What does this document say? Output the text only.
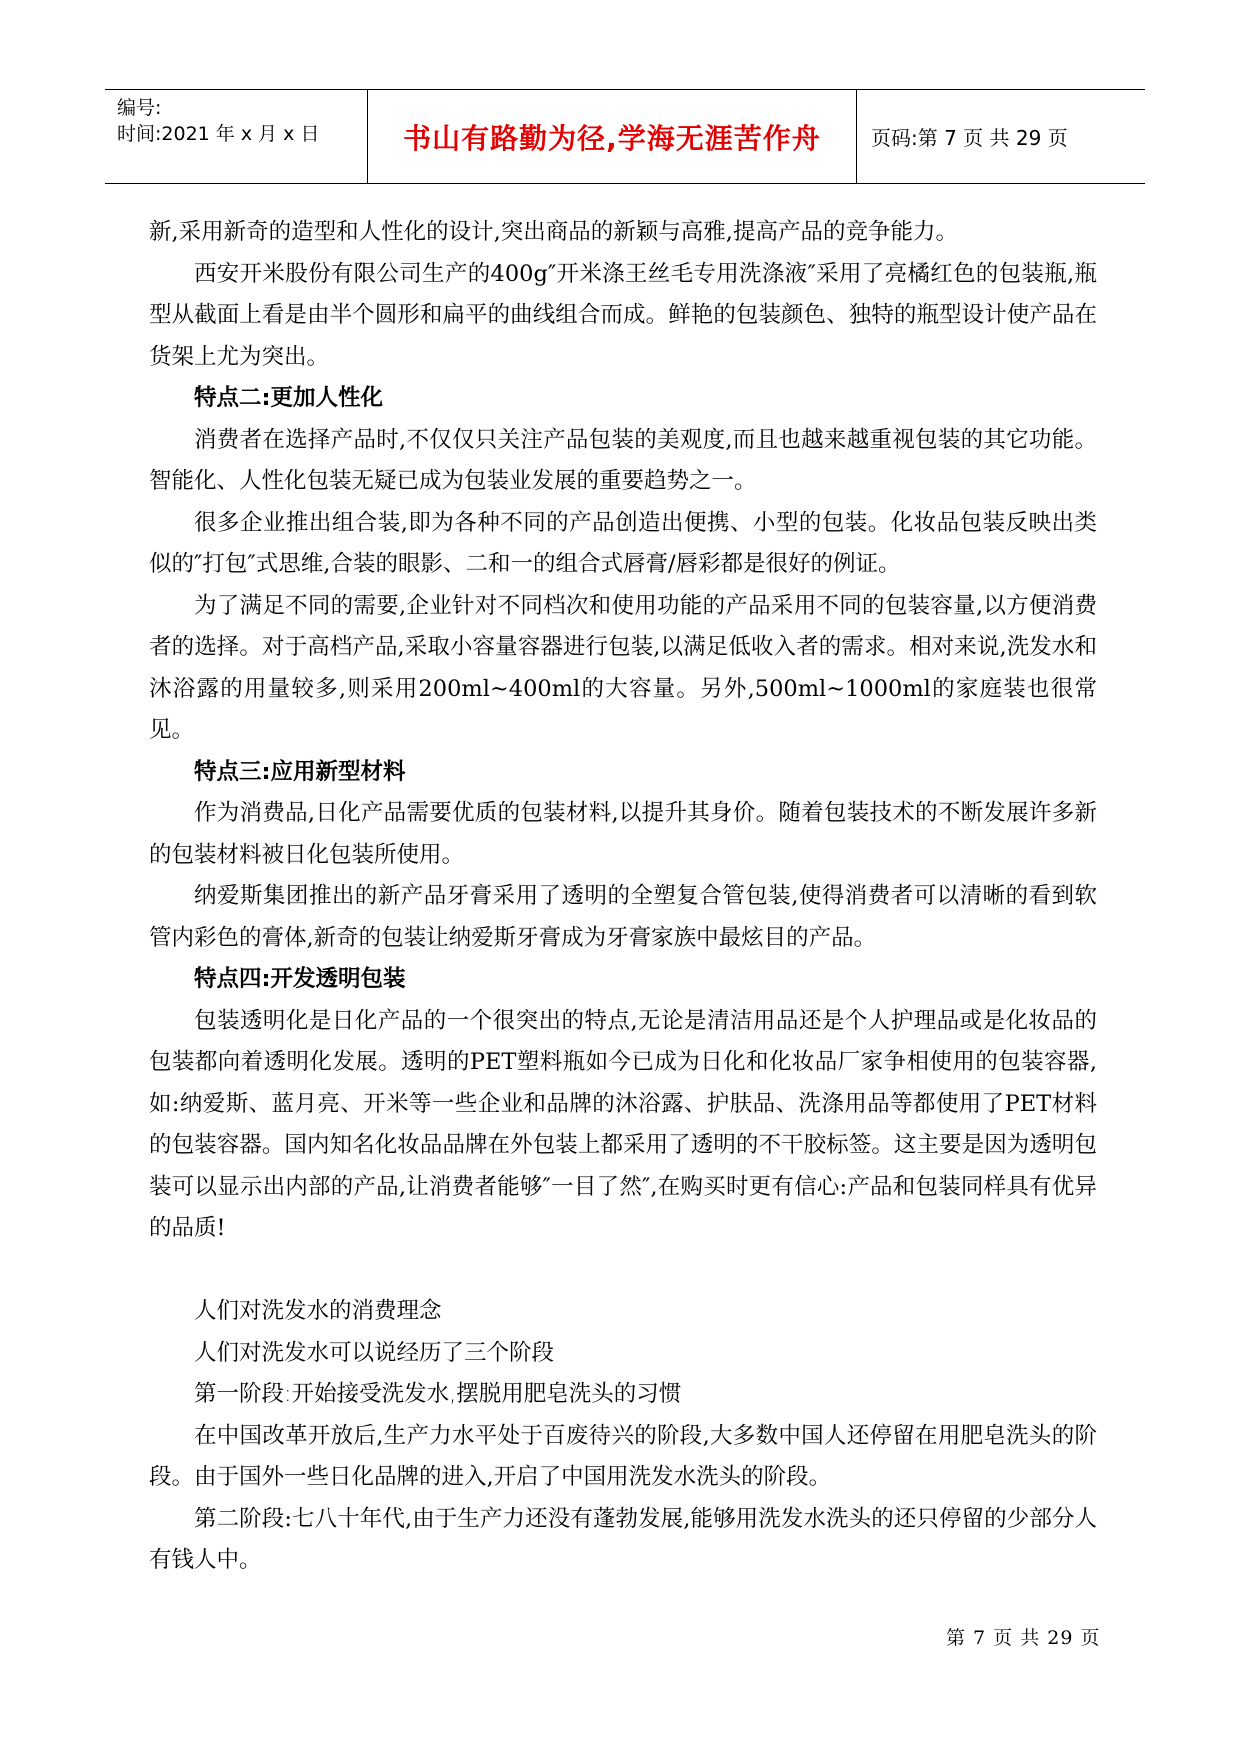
编号:
时间:2021 年 x 月 x 日	书山有路勤为径,学海无涯苦作舟	页码:第 7 页 共 29 页

新,采用新奇的造型和人性化的设计,突出商品的新颖与高雅,提高产品的竞争能力。

西安开米股份有限公司生产的400g″开米涤王丝毛专用洗涤液″采用了亮橘红色的包装瓶,瓶型从截面上看是由半个圆形和扁平的曲线组合而成。鲜艳的包装颜色、独特的瓶型设计使产品在货架上尤为突出。

特点二:更加人性化

消费者在选择产品时,不仅仅只关注产品包装的美观度,而且也越来越重视包装的其它功能。智能化、人性化包装无疑已成为包装业发展的重要趋势之一。

很多企业推出组合装,即为各种不同的产品创造出便携、小型的包装。化妆品包装反映出类似的″打包″式思维,合装的眼影、二和一的组合式唇膏/唇彩都是很好的例证。

为了满足不同的需要,企业针对不同档次和使用功能的产品采用不同的包装容量,以方便消费者的选择。对于高档产品,采取小容量容器进行包装,以满足低收入者的需求。相对来说,洗发水和沐浴露的用量较多,则采用200ml~400ml的大容量。另外,500ml~1000ml的家庭装也很常见。

特点三:应用新型材料

作为消费品,日化产品需要优质的包装材料,以提升其身价。随着包装技术的不断发展许多新的包装材料被日化包装所使用。

纳爱斯集团推出的新产品牙膏采用了透明的全塑复合管包装,使得消费者可以清晰的看到软管内彩色的膏体,新奇的包装让纳爱斯牙膏成为牙膏家族中最炫目的产品。

特点四:开发透明包装

包装透明化是日化产品的一个很突出的特点,无论是清洁用品还是个人护理品或是化妆品的包装都向着透明化发展。透明的PET塑料瓶如今已成为日化和化妆品厂家争相使用的包装容器,如:纳爱斯、蓝月亮、开米等一些企业和品牌的沐浴露、护肤品、洗涤用品等都使用了PET材料的包装容器。国内知名化妆品品牌在外包装上都采用了透明的不干胶标签。这主要是因为透明包装可以显示出内部的产品,让消费者能够″一目了然″,在购买时更有信心:产品和包装同样具有优异的品质!

人们对洗发水的消费理念

人们对洗发水可以说经历了三个阶段

第一阶段:开始接受洗发水,摆脱用肥皂洗头的习惯

在中国改革开放后,生产力水平处于百废待兴的阶段,大多数中国人还停留在用肥皂洗头的阶段。由于国外一些日化品牌的进入,开启了中国用洗发水洗头的阶段。

第二阶段:七八十年代,由于生产力还没有蓬勃发展,能够用洗发水洗头的还只停留的少部分人有钱人中。

第 7 页 共 29 页
